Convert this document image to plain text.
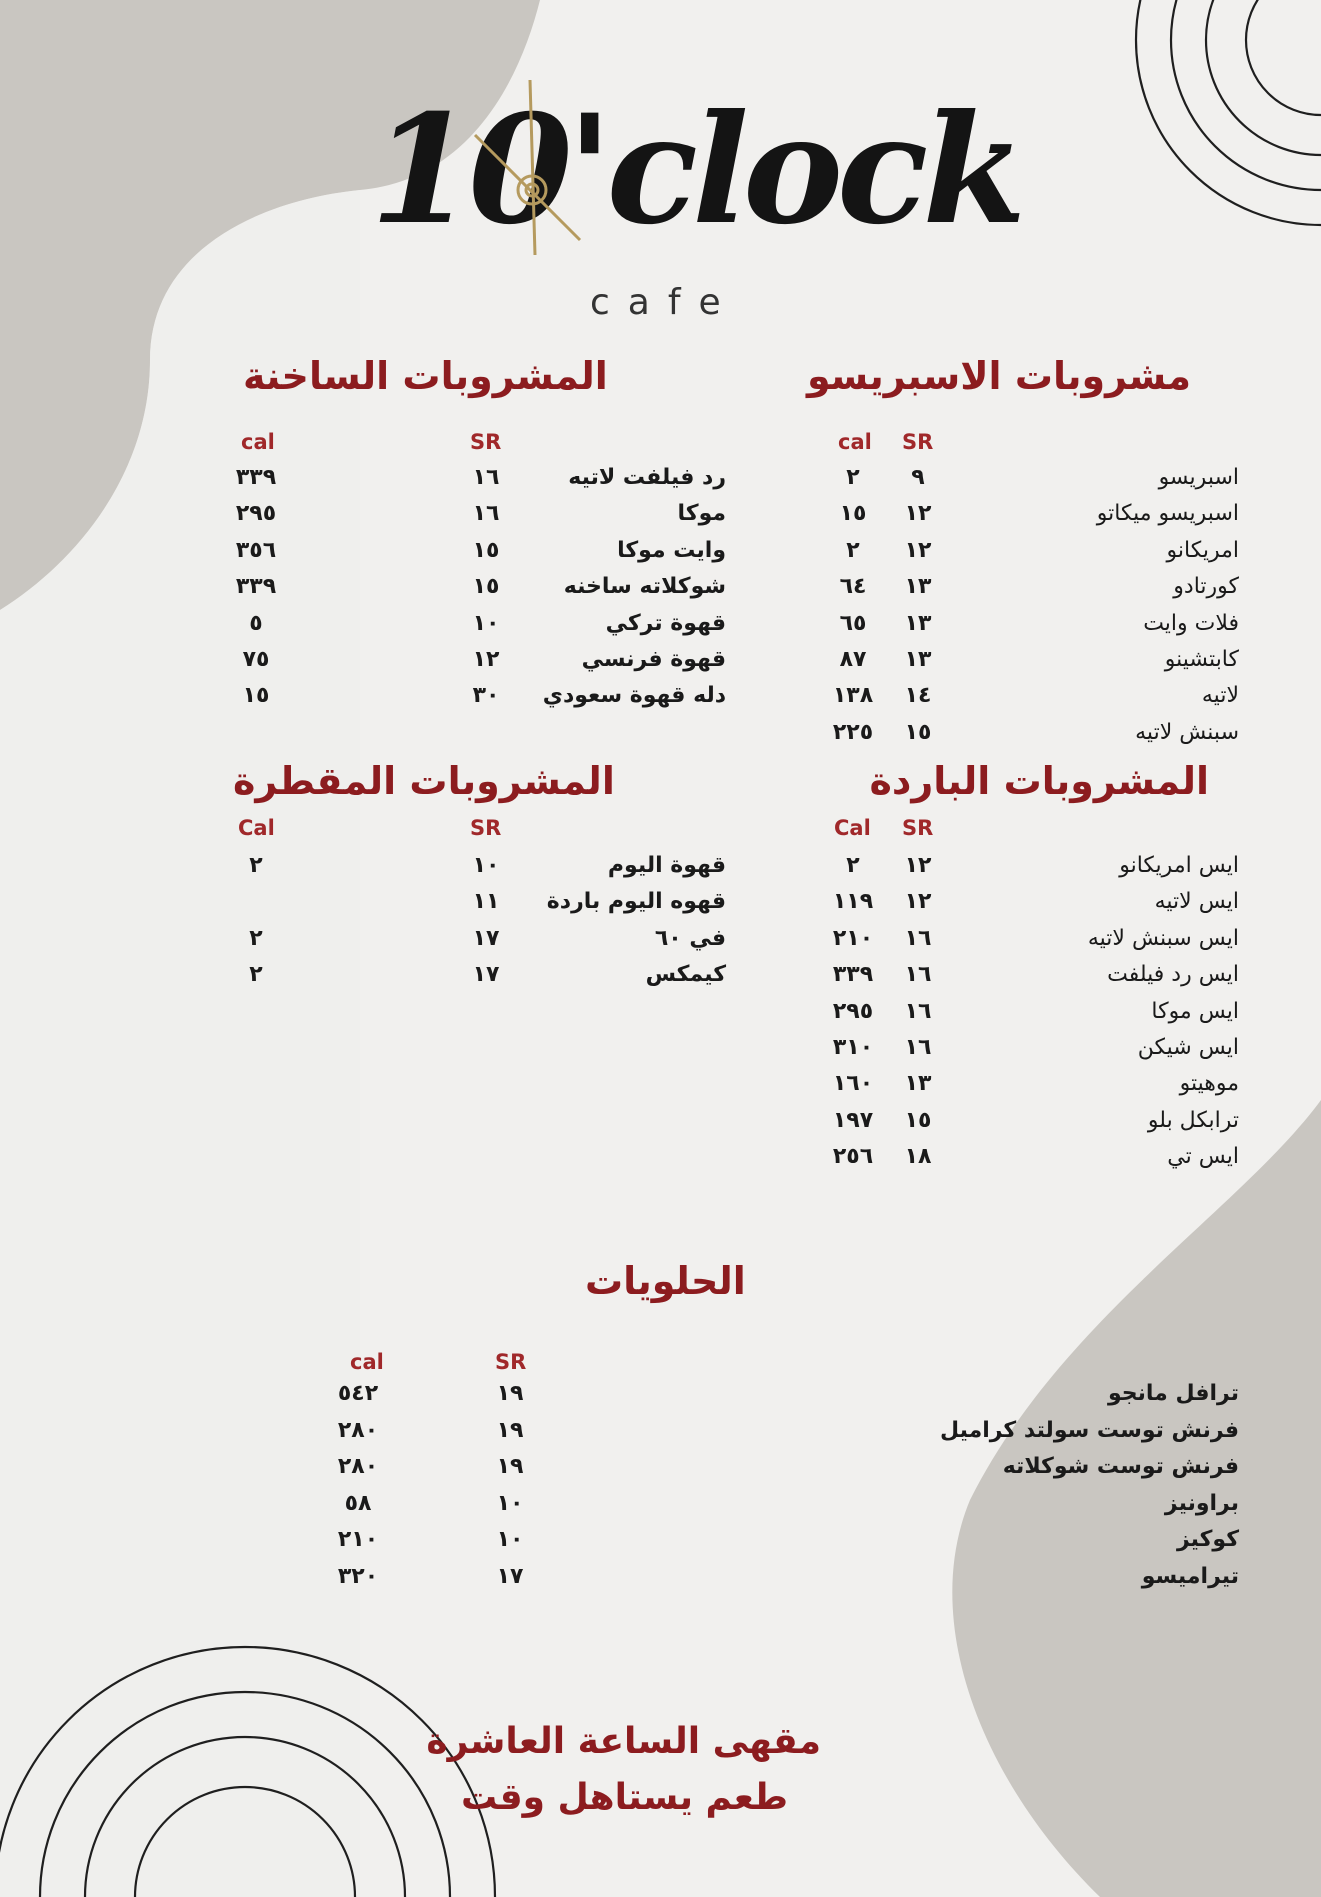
10'clock
cafe
مشروبات الاسبريسو
المشروبات الساخنة
المشروبات الباردة
المشروبات المقطرة
الحلويات
SR
cal
SR
cal
SR
Cal
SR
Cal
SR
cal
اسبريسو
٩
٢
اسبريسو ميكاتو
١٢
١٥
امريكانو
١٢
٢
كورتادو
١٣
٦٤
فلات وايت
١٣
٦٥
كابتشينو
١٣
٨٧
لاتيه
١٤
١٣٨
سبنش لاتيه
١٥
٢٢٥
رد فيلفت لاتيه
١٦
٣٣٩
موكا
١٦
٢٩٥
وايت موكا
١٥
٣٥٦
شوكلاته ساخنه
١٥
٣٣٩
قهوة تركي
١٠
٥
قهوة فرنسي
١٢
٧٥
دله قهوة سعودي
٣٠
١٥
ايس امريكانو
١٢
٢
ايس لاتيه
١٢
١١٩
ايس سبنش لاتيه
١٦
٢١٠
ايس رد فيلفت
١٦
٣٣٩
ايس موكا
١٦
٢٩٥
ايس شيكن
١٦
٣١٠
موهيتو
١٣
١٦٠
ترابكل بلو
١٥
١٩٧
ايس تي
١٨
٢٥٦
قهوة اليوم
١٠
٢
قهوه اليوم باردة
١١
في ٦٠
١٧
٢
كيمكس
١٧
٢
ترافل مانجو
١٩
٥٤٢
فرنش توست سولتد كراميل
١٩
٢٨٠
فرنش توست شوكلاته
١٩
٢٨٠
براونيز
١٠
٥٨
كوكيز
١٠
٢١٠
تيراميسو
١٧
٣٢٠
مقهى الساعة العاشرة
طعم يستاهل وقت
